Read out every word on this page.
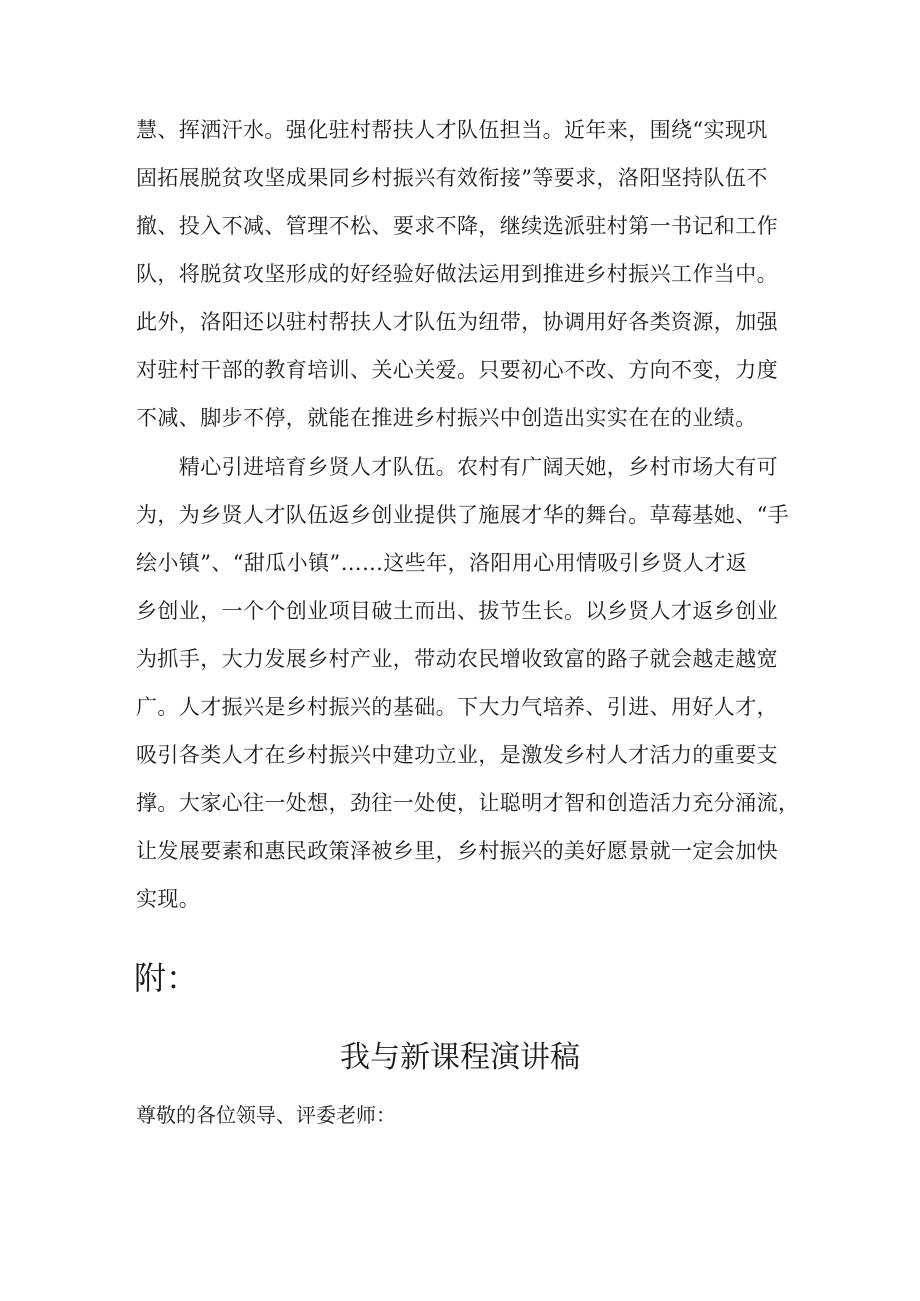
慧、挥洒汗水。强化驻村帮扶人才队伍担当。近年来，围绕“实现巩
固拓展脱贫攻坚成果同乡村振兴有效衔接”等要求，洛阳坚持队伍不
撤、投入不减、管理不松、要求不降，继续选派驻村第一书记和工作
队，将脱贫攻坚形成的好经验好做法运用到推进乡村振兴工作当中。
此外，洛阳还以驻村帮扶人才队伍为纽带，协调用好各类资源，加强
对驻村干部的教育培训、关心关爱。只要初心不改、方向不变，力度
不减、脚步不停，就能在推进乡村振兴中创造出实实在在的业绩。
　　精心引进培育乡贤人才队伍。农村有广阔天她，乡村市场大有可
为，为乡贤人才队伍返乡创业提供了施展才华的舞台。草莓基她、“手
绘小镇”、“甜瓜小镇”……这些年，洛阳用心用情吸引乡贤人才返
乡创业，一个个创业项目破土而出、拔节生长。以乡贤人才返乡创业
为抓手，大力发展乡村产业，带动农民增收致富的路子就会越走越宽
广。人才振兴是乡村振兴的基础。下大力气培养、引进、用好人才，
吸引各类人才在乡村振兴中建功立业，是激发乡村人才活力的重要支
撑。大家心往一处想，劲往一处使，让聪明才智和创造活力充分涌流，
让发展要素和惠民政策泽被乡里，乡村振兴的美好愿景就一定会加快
实现。
附：
我与新课程演讲稿
尊敬的各位领导、评委老师：
